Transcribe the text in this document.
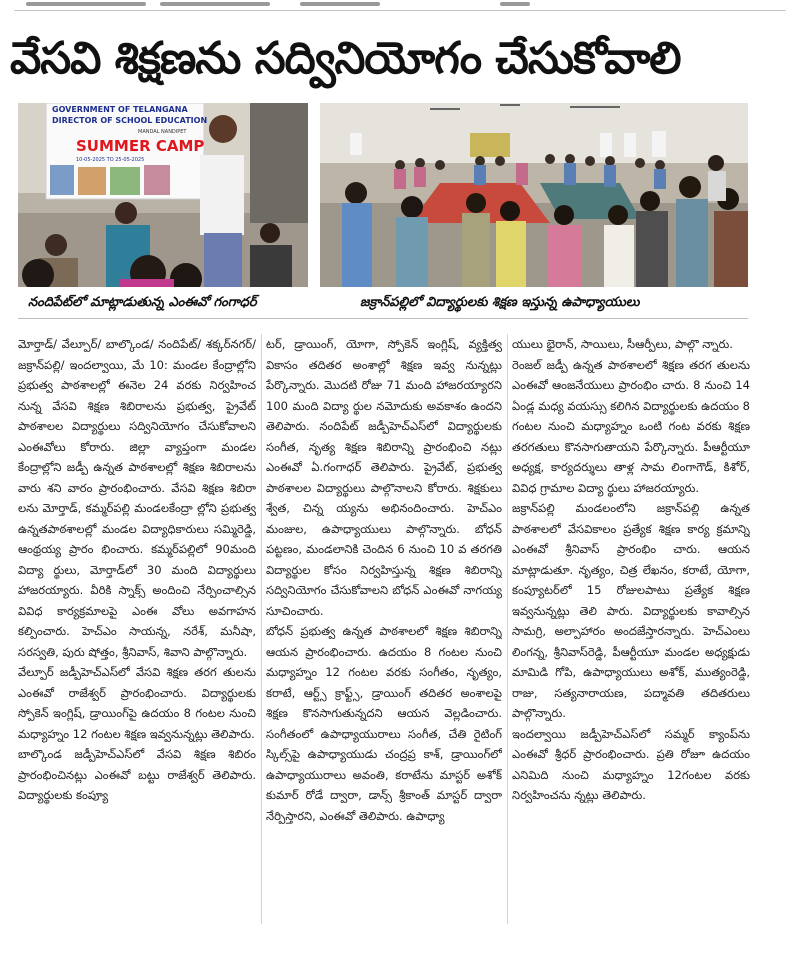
వేసవి శిక్షణను సద్వినియోగం చేసుకోవాలి
GOVERNMENT OF TELANGANA
DIRECTOR OF SCHOOL EDUCATION
MANDAL NANDIPET
SUMMER CAMP
10-05-2025 TO 25-05-2025
నందిపేట్‌లో మాట్లాడుతున్న ఎంఈవో గంగాధర్	జక్రాన్‌పల్లిలో విద్యార్థులకు శిక్షణ ఇస్తున్న ఉపాధ్యాయులు

మోర్తాడ్‌/ వేల్పూర్‌/ బాల్కొండ/ నందిపేట్‌/ శక్కర్‌నగర్‌/జక్రాన్‌పల్లి/ ఇందల్వాయి, మే 10: మండల కేంద్రాల్లోని ప్రభుత్వ పాఠశాలల్లో ఈనెల 24 వరకు నిర్వహించ నున్న వేసవి శిక్షణ శిబిరాలను ప్రభుత్వ, ప్రైవేట్‌ పాఠశాలల విద్యార్థులు సద్వినియోగం చేసుకోవాలని ఎంఈవోలు కోరారు. జిల్లా వ్యాప్తంగా మండల కేంద్రాల్లోని జడ్పీ ఉన్నత పాఠశాలల్లో శిక్షణ శిబిరాలను వారు శని వారం ప్రారంభించారు. వేసవి శిక్షణ శిబిరా లను మోర్తాడ్‌, కమ్మర్‌పల్లి మండలకేంద్రా ల్లోని ప్రభుత్వ ఉన్నతపాఠశాలల్లో మండల విద్యాధికారులు సమ్మిరెడ్డి, ఆంథ్రయ్య ప్రారం భించారు. కమ్మర్‌పల్లిలో 90మంది విద్యా ర్థులు, మోర్తాడ్‌లో 30 మంది విద్యార్థులు హాజరయ్యారు. వీరికి స్నాక్స్‌ అందించి నేర్పించాల్సిన వివిధ కార్యక్రమాలపై ఎంఈ వోలు అవగాహన కల్పించారు. హెచ్‌ఎం సాయన్న, నరేశ్‌, మనీషా, సరస్వతి, పురు షోత్తం, శ్రీనివాస్‌, శివాని పాల్గొన్నారు.

వేల్పూర్‌ జడ్పీహెచ్‌ఎస్‌లో వేసవి శిక్షణ తరగ తులను ఎంఈవో రాజేశ్వర్‌ ప్రారంభించారు. విద్యార్థులకు స్పోకెన్‌ ఇంగ్లిష్‌, డ్రాయింగ్‌పై ఉదయం 8 గంటల నుంచి మధ్యాహ్నం 12 గంటల శిక్షణ ఇవ్వనున్నట్లు తెలిపారు.

బాల్కొండ జడ్పీహెచ్‌ఎస్‌లో వేసవి శిక్షణ శిబిరం ప్రారంభించినట్లు ఎంఈవో బట్టు రాజేశ్వర్‌ తెలిపారు. విద్యార్థులకు కంప్యూ

టర్‌, డ్రాయింగ్‌, యోగా, స్పోకెన్‌ ఇంగ్లిష్‌, వ్యక్తిత్వ వికాసం తదితర అంశాల్లో శిక్షణ ఇవ్వ నున్నట్లు పేర్కొన్నారు. మొదటి రోజు 71 మంది హాజరయ్యారని 100 మంది విద్యా ర్థుల నమోదుకు అవకాశం ఉందని తెలిపారు. నందిపేట్‌ జడ్పీహెచ్‌ఎస్‌లో విద్యార్థులకు సంగీత, నృత్య శిక్షణ శిబిరాన్ని ప్రారంభించి నట్లు ఎంఈవో ఏ.గంగాధర్‌ తెలిపారు. ప్రైవేట్‌, ప్రభుత్వ పాఠశాలల విద్యార్థులు పాల్గొనాలని కోరారు. శిక్షకులు శ్వేత, చిన్న య్యను అభినందించారు. హెచ్‌ఎం మంజుల, ఉపాధ్యాయులు పాల్గొన్నారు. బోధన్‌ పట్టణం, మండలానికి చెందిన 6 నుంచి 10 వ తరగతి విద్యార్థుల కోసం నిర్వహిస్తున్న శిక్షణ శిబిరాన్ని సద్వినియోగం చేసుకోవాలని బోధన్‌ ఎంఈవో నాగయ్య సూచించారు.

బోధన్‌ ప్రభుత్వ ఉన్నత పాఠశాలలో శిక్షణ శిబిరాన్ని ఆయన ప్రారంభించారు. ఉదయం 8 గంటల నుంచి మధ్యాహ్నం 12 గంటల వరకు సంగీతం, నృత్యం, కరాటే, ఆర్ట్స్‌ క్రాఫ్ట్స్‌, డ్రాయింగ్‌ తదితర అంశాలపై శిక్షణ కొనసాగుతున్నదని ఆయన వెల్లడించారు. సంగీతంలో ఉపాధ్యాయురాలు సంగీత, చేతి రైటింగ్‌ స్కిల్స్‌పై ఉపాధ్యాయుడు చంద్రప్ర కాశ్‌, డ్రాయింగ్‌లో ఉపాధ్యాయురాలు అవంతి, కరాటేను మాస్టర్‌ అశోక్‌ కుమార్‌ రోడే ద్వారా, డాన్స్‌ శ్రీకాంత్‌ మాస్టర్‌ ద్వారా నేర్పిస్తారని, ఎంఈవో తెలిపారు. ఉపాధ్యా

యులు భైరాన్‌, సాయిలు, సీఆర్పీలు, పాల్గొ న్నారు.

రెంజల్‌ జడ్పీ ఉన్నత పాఠశాలలో శిక్షణ తరగ తులను ఎంఈవో ఆంజనేయులు ప్రారంభిం చారు. 8 నుంచి 14 ఏండ్ల మధ్య వయస్సు కలిగిన విద్యార్థులకు ఉదయం 8 గంటల నుంచి మధ్యాహ్నం ఒంటి గంట వరకు శిక్షణ తరగతులు కొనసాగుతాయని పేర్కొన్నారు. పీఆర్టీయూ అధ్యక్ష, కార్యదర్శులు తాళ్ల సామ లింగాగౌడ్‌, కిశోర్‌, వివిధ గ్రామాల విద్యా ర్థులు హాజరయ్యారు.

జక్రాన్‌పల్లి మండలంలోని జక్రాన్‌పల్లి ఉన్నత పాఠశాలలో వేసవికాలం ప్రత్యేక శిక్షణ కార్య క్రమాన్ని ఎంఈవో శ్రీనివాస్‌ ప్రారంభిం చారు. ఆయన మాట్లాడుతూ. నృత్యం, చిత్ర లేఖనం, కరాటే, యోగా, కంప్యూటర్‌లో 15 రోజులపాటు ప్రత్యేక శిక్షణ ఇవ్వనున్నట్లు తెలి పారు. విద్యార్థులకు కావాల్సిన సామగ్రి, అల్పాహారం అందజేస్తారన్నారు. హెచ్‌ఎంలు లింగన్న, శ్రీనివాస్‌రెడ్డి, పీఆర్టీయూ మండల అధ్యక్షుడు మామిడి గోపి, ఉపాధ్యాయులు అశోక్‌, ముత్యంరెడ్డి, రాజు, సత్యనారాయణ, పద్మావతి తదితరులు పాల్గొన్నారు.

ఇందల్వాయి జడ్పీహెచ్‌ఎస్‌లో సమ్మర్‌ క్యాంప్‌ను ఎంఈవో శ్రీధర్‌ ప్రారంభించారు. ప్రతి రోజూ ఉదయం ఎనిమిది నుంచి మధ్యాహ్నం 12గంటల వరకు నిర్వహించను న్నట్లు తెలిపారు.
